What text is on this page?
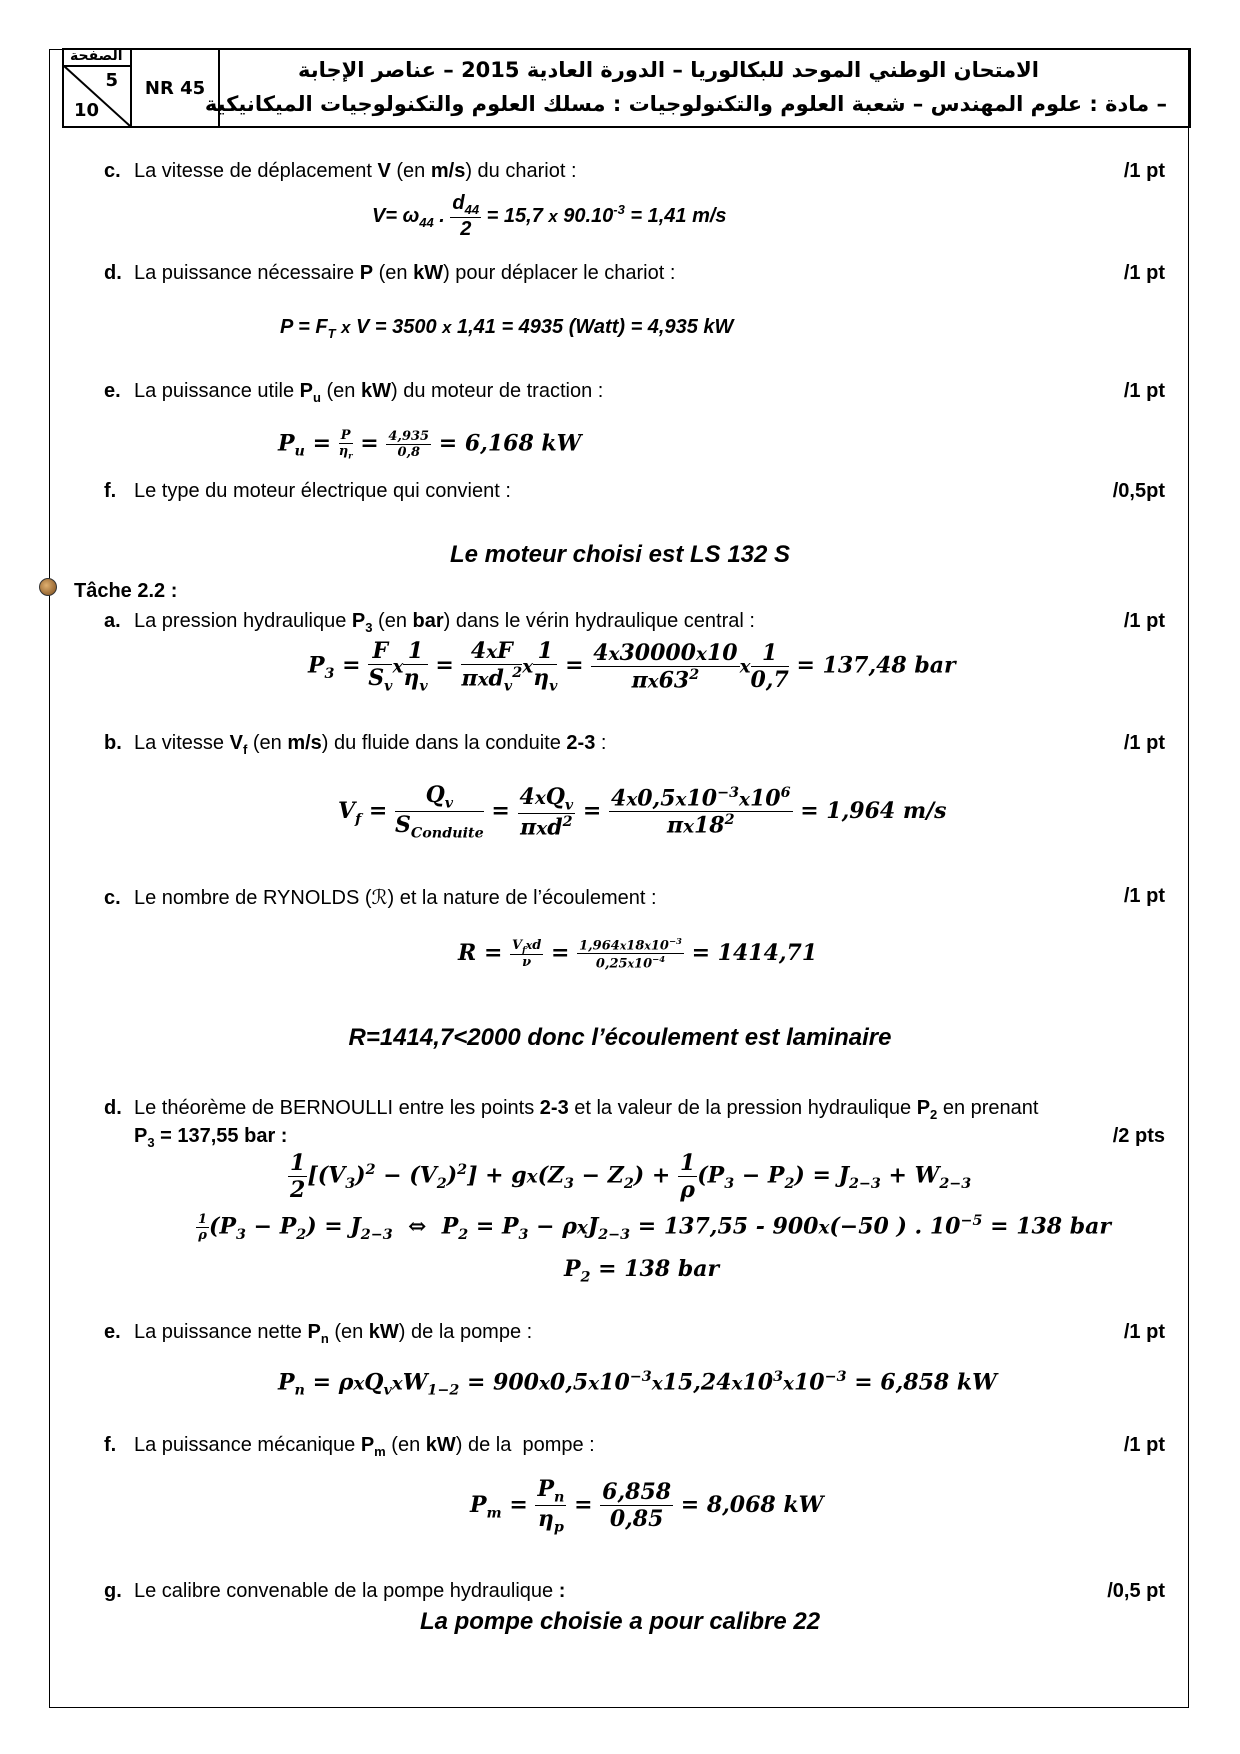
الصفحة
5
10
NR 45
الامتحان الوطني الموحد للبكالوريا – الدورة العادية 2015 – عناصر الإجابة
– مادة : علوم المهندس – شعبة العلوم والتكنولوجيات : مسلك العلوم والتكنولوجيات الميكانيكية
c. La vitesse de déplacement V (en m/s) du chariot :	/1 pt
$V= \omega_{44}$ . $\frac{d_{44}}{2} = 15,7$ x $90.10^{-3} = 1,41$ m/s
d. La puissance nécessaire P (en kW) pour déplacer le chariot :	/1 pt
$P = F_T$ x V = 3500 x 1,41 = 4935 (Watt) = 4,935 kW
e. La puissance utile $P_u$ (en kW) du moteur de traction :	/1 pt
$P_u = \frac{P}{\eta_r} = \frac{4,935}{0,8} = 6,168$ kW
f. Le type du moteur électrique qui convient :	/0,5pt
Le moteur choisi est LS 132 S
Tâche 2.2 :
a. La pression hydraulique $P_3$ (en bar) dans le vérin hydraulique central :	/1 pt
$P_3 = \frac{F}{S_v}$ x $\frac{1}{\eta_v} = \frac{4xF}{\pi xd_v^2}$ x $\frac{1}{\eta_v} = \frac{4x30000x10}{\pi x63^2}$ x $\frac{1}{0,7} = 137,48$ bar
b. La vitesse $V_f$ (en m/s) du fluide dans la conduite 2-3 :	/1 pt
$V_f = \frac{Q_v}{S_{Conduite}} = \frac{4xQ_v}{\pi xd^2} = \frac{4x0,5x10^{-3}x10^6}{\pi x18^2} = 1,964$ m/s
c. Le nombre de RYNOLDS (ℛ) et la nature de l’écoulement :	/1 pt
$R = \frac{V_fxd}{\nu} = \frac{1,964x18x10^{-3}}{0,25x10^{-4}} = 1414,71$
R=1414,7<2000 donc l’écoulement est laminaire
d. Le théorème de BERNOULLI entre les points 2-3 et la valeur de la pression hydraulique $P_2$ en prenant
$P_3 = 137,55$ bar :	/2 pts
$\frac{1}{2} [(V_3)^2 - (V_2)^2] + gx(Z_3 - Z_2) + \frac{1}{\rho} (P_3 - P_2) = J_{2-3} + W_{2-3}$
$\frac{1}{\rho} (P_3 - P_2) = J_{2-3}$  ⇔  $P_2 = P_3 - \rho xJ_{2-3} = 137,55 - 900x(-50$ ) . $10^{-5} = 138$ bar
$P_2 = 138$ bar
e. La puissance nette $P_n$ (en kW) de la pompe :	/1 pt
$P_n = \rho xQ_vxW_{1-2} = 900x0,5x10^{-3}x15,24x10^3x10^{-3} = 6,858$ kW
f. La puissance mécanique $P_m$ (en kW) de la  pompe :	/1 pt
$P_m = \frac{P_n}{\eta_p} = \frac{6,858}{0,85} = 8,068$ kW
g. Le calibre convenable de la pompe hydraulique :	/0,5 pt
La pompe choisie a pour calibre 22
